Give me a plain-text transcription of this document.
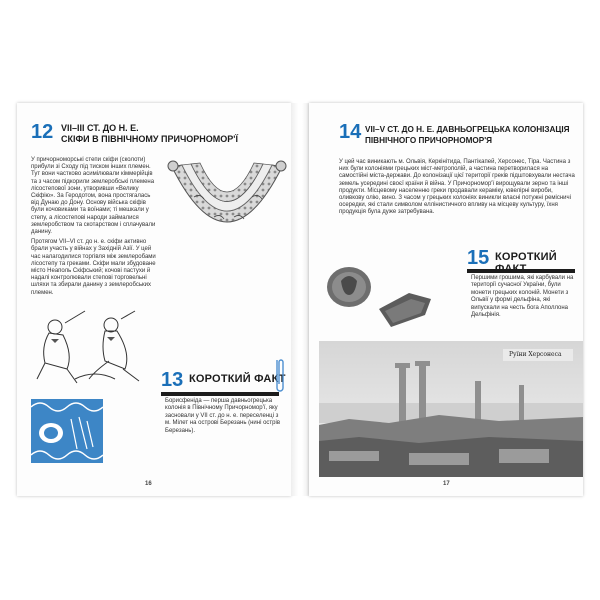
12 VII–III СТ. ДО Н. Е.
СКІФИ В ПІВНІЧНОМУ ПРИЧОРНОМОР'Ї

У причорноморські степи скіфи (сколоти) прибули зі Сходу під тиском інших племен. Тут вони частково асимілювали кіммерійців та з часом підкорили землеробські племена лісостепової зони, утворивши «Велику Скіфію». За Геродотом, вона простягалась від Дунаю до Дону. Основу війська скіфів були кочовиками та воїнами; ті мешкали у степу, а лісостепові народи займалися землеробством та скотарством і сплачували данину.

Протягом VII–VI ст. до н. е. скіфи активно брали участь у війнах у Західній Азії. У цей час налагодилися торгівля між землеробами лісостепу та греками. Скіфи мали збудоване місто Неаполь Скіфський; кочові пастухи й надалі контролювали степові торговельні шляхи та збирали данину з землеробських племен.

13 КОРОТКИЙ ФАКТ
Борисфеніда — перша давньогрецька колонія в Північному Причорномор'ї, яку засновали у VII ст. до н. е. переселенці з м. Мілет на острові Березань (нині острів Березань).
16
14 VII–V СТ. ДО Н. Е. ДАВНЬОГРЕЦЬКА КОЛОНІЗАЦІЯ
ПІВНІЧНОГО ПРИЧОРНОМОР'Я

У цей час виникають м. Ольвія, Керкінітида, Пантікапей, Херсонес, Тіра. Частина з них були колоніями грецьких міст-метрополій, а частина перетворилася на самостійні міста-держави. До колонізації цієї території греків підштовхували нестача земель усередині своєї країни й війна. У Причорномор'ї вирощували зерно та інші продукти. Місцевому населенню греки продавали кераміку, ювелірні вироби, оливкову олію, вино. З часом у грецьких колоніях виникли власні потужні ремісничі осередки, які стали символом еллінистичного впливу на місцеву культуру, їхня продукція була дуже затребувана.

15 КОРОТКИЙ
Першими грошима, які карбували на території сучасної України, були монети грецьких колоній. Монети з Ольвії у формі дельфіна, які випускали на честь бога Аполлона Дельфінія.
Руїни Херсонеса
17
